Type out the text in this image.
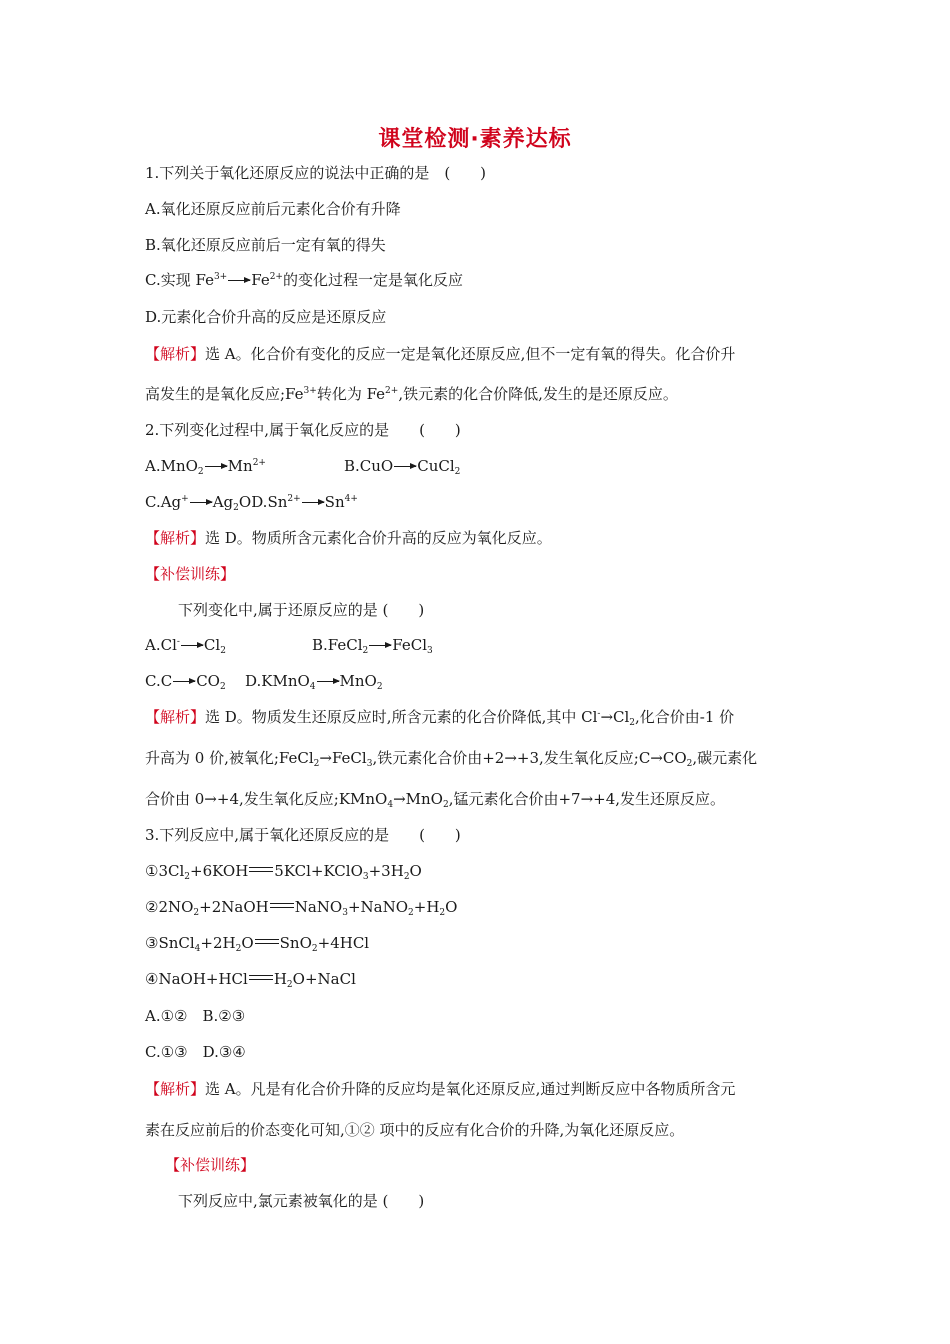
课堂检测·素养达标
1.下列关于氧化还原反应的说法中正确的是　(　　)
A.氧化还原反应前后元素化合价有升降
B.氧化还原反应前后一定有氧的得失
C.实现 $Fe^{3+}\to Fe^{2+}$的变化过程一定是氧化反应
D.元素化合价升高的反应是还原反应
【解析】选 A。化合价有变化的反应一定是氧化还原反应,但不一定有氧的得失。化合价升
高发生的是氧化反应$;Fe^{3+}$转化为 $Fe^{2+}$,铁元素的化合价降低,发生的是还原反应。
2.下列变化过程中,属于氧化反应的是　　(　　)
$A.MnO_2 \to Mn^{2+}$	B.CuO→CuCl$_2$
$C.Ag^+\to Ag_2OD.Sn^{2+}\to Sn^{4+}$
【解析】选 D。物质所含元素化合价升高的反应为氧化反应。
【补偿训练】
下列变化中,属于还原反应的是 (　　)
$A.Cl^-\to Cl_2$	B.FeCl$_2$ →FeCl$_3$
$C.C\to CO_2$ D.KMnO$_4$ →MnO$_2$
【解析】选 D。物质发生还原反应时,所含元素的化合价降低,其中 $Cl^-\to Cl_2$,化合价由-1 价
升高为 0 价,被氧化;FeCl$_2$→FeCl$_3$,铁元素化合价由+2→+3,发生氧化反应$;C\to CO_2$,碳元素化
合价由 0→+4,发生氧化反应;KMnO$_4$→MnO$_2$,锰元素化合价由+7→+4,发生还原反应。
3.下列反应中,属于氧化还原反应的是　　(　　)
$①3Cl_2+6KOH$ $5KCl+KClO_3+3H_2O$
$②2NO_2+2NaOH$ $NaNO_3+NaNO_2+H_2O$
$③SnCl_4+2H_2O$ SnO$_2$+4HCl
④NaOH+HCl $H_2O+NaCl$
A.①②　B.②③
C.①③　D.③④
【解析】选 A。凡是有化合价升降的反应均是氧化还原反应,通过判断反应中各物质所含元
素在反应前后的价态变化可知,①② 项中的反应有化合价的升降,为氧化还原反应。
【补偿训练】
下列反应中,氯元素被氧化的是 (　　)
